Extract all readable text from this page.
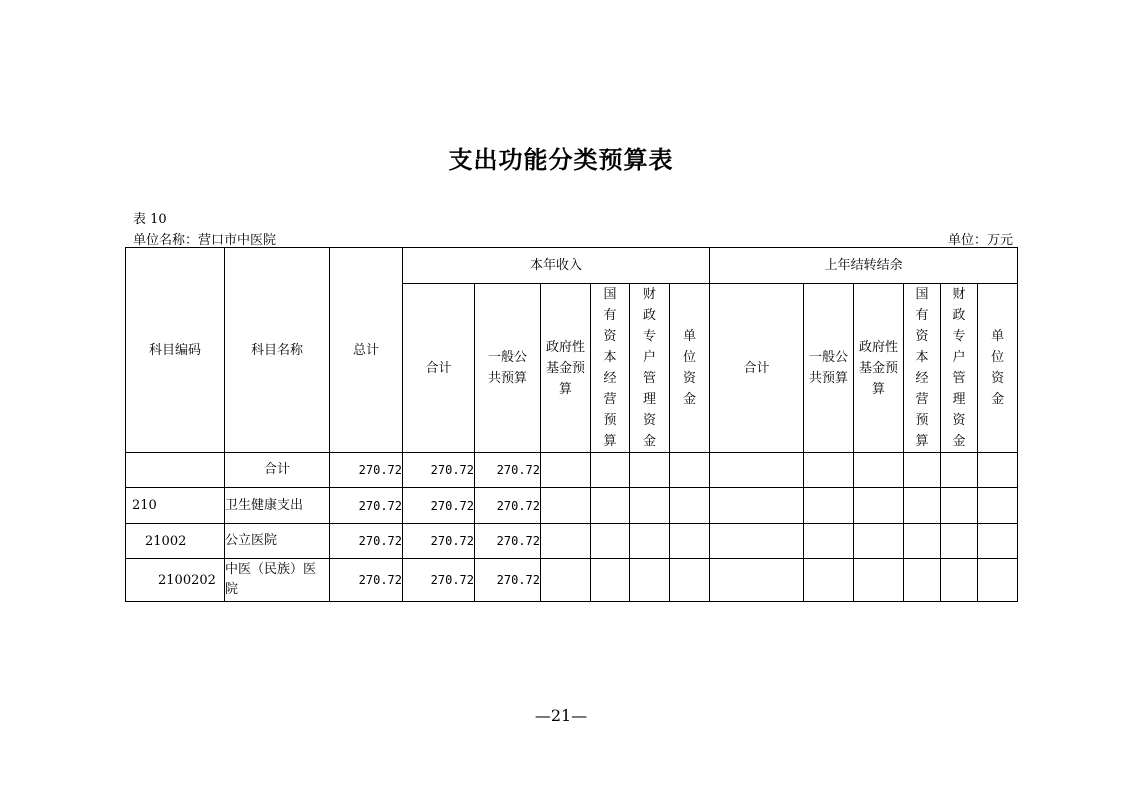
支出功能分类预算表
表 10
单位名称：营口市中医院	单位：万元
科目编码	科目名称	总计	本年收入						上年结转结余					
			合计	一般公共预算	政府性基金预算	国有资本经营预算	财政专户管理资金	单位资金	合计	一般公共预算	政府性基金预算	国有资本经营预算	财政专户管理资金	单位资金
	合计	270.72	270.72	270.72										
210	卫生健康支出	270.72	270.72	270.72										
21002	公立医院	270.72	270.72	270.72										
2100202	中医（民族）医院	270.72	270.72	270.72										
—21—
